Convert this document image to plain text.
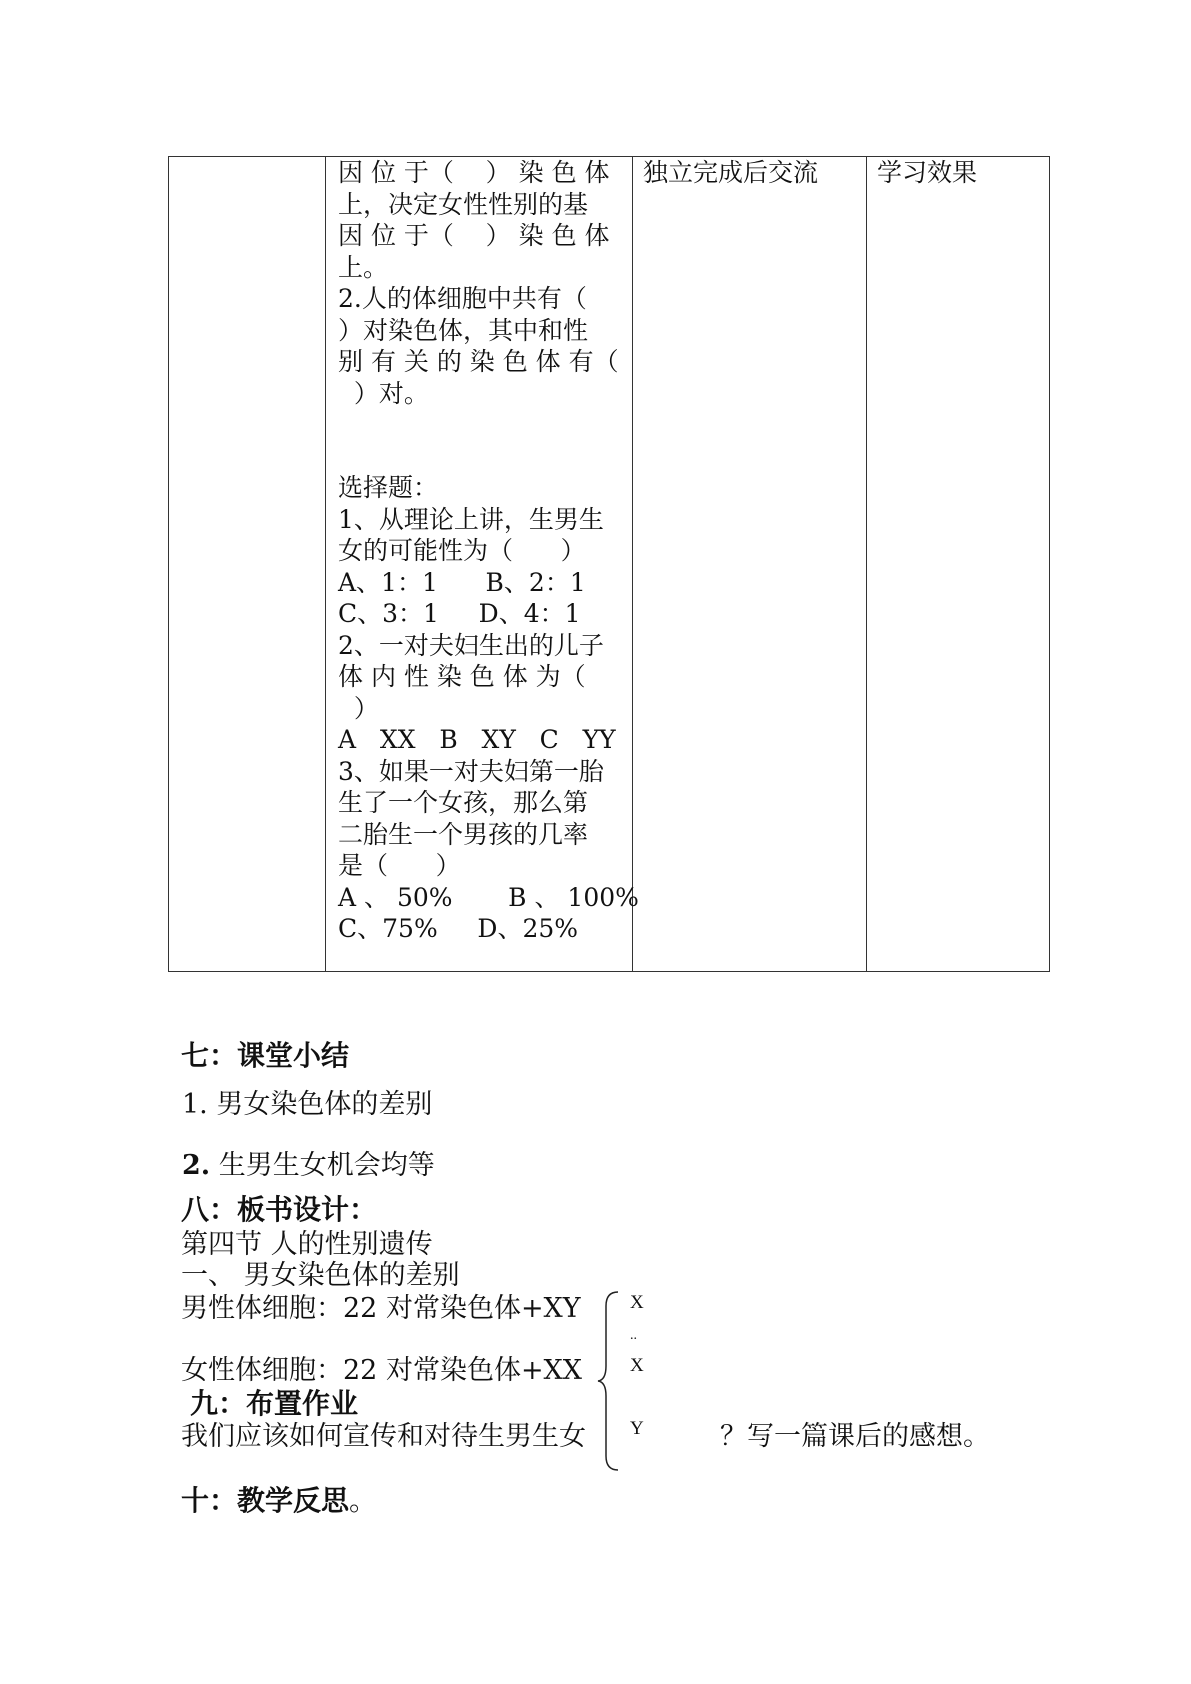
因 位 于（    ） 染 色 体
上，决定女性性别的基
因 位 于（    ） 染 色 体
上。
2.人的体细胞中共有（
）对染色体，其中和性
别 有 关 的 染 色 体 有（
）对。
选择题：
1、从理论上讲，生男生
女的可能性为（      ）
A、1：1      B、2：1
C、3：1     D、4：1
2、一对夫妇生出的儿子
体 内 性 染 色 体 为（
）
A   XX   B   XY   C   YY
3、如果一对夫妇第一胎
生了一个女孩，那么第
二胎生一个男孩的几率
是（      ）
A 、 50%       B 、 100%
C、75%     D、25%
独立完成后交流	学习效果
七：课堂小结
1. 男女染色体的差别
2. 生男生女机会均等
八：板书设计：
第四节 人的性别遗传
一、 男女染色体的差别
男性体细胞：22 对常染色体+XY
女性体细胞：22 对常染色体+XX
X
..
X
Y
九：布置作业
我们应该如何宣传和对待生男生女	？写一篇课后的感想。
十：教学反思。
